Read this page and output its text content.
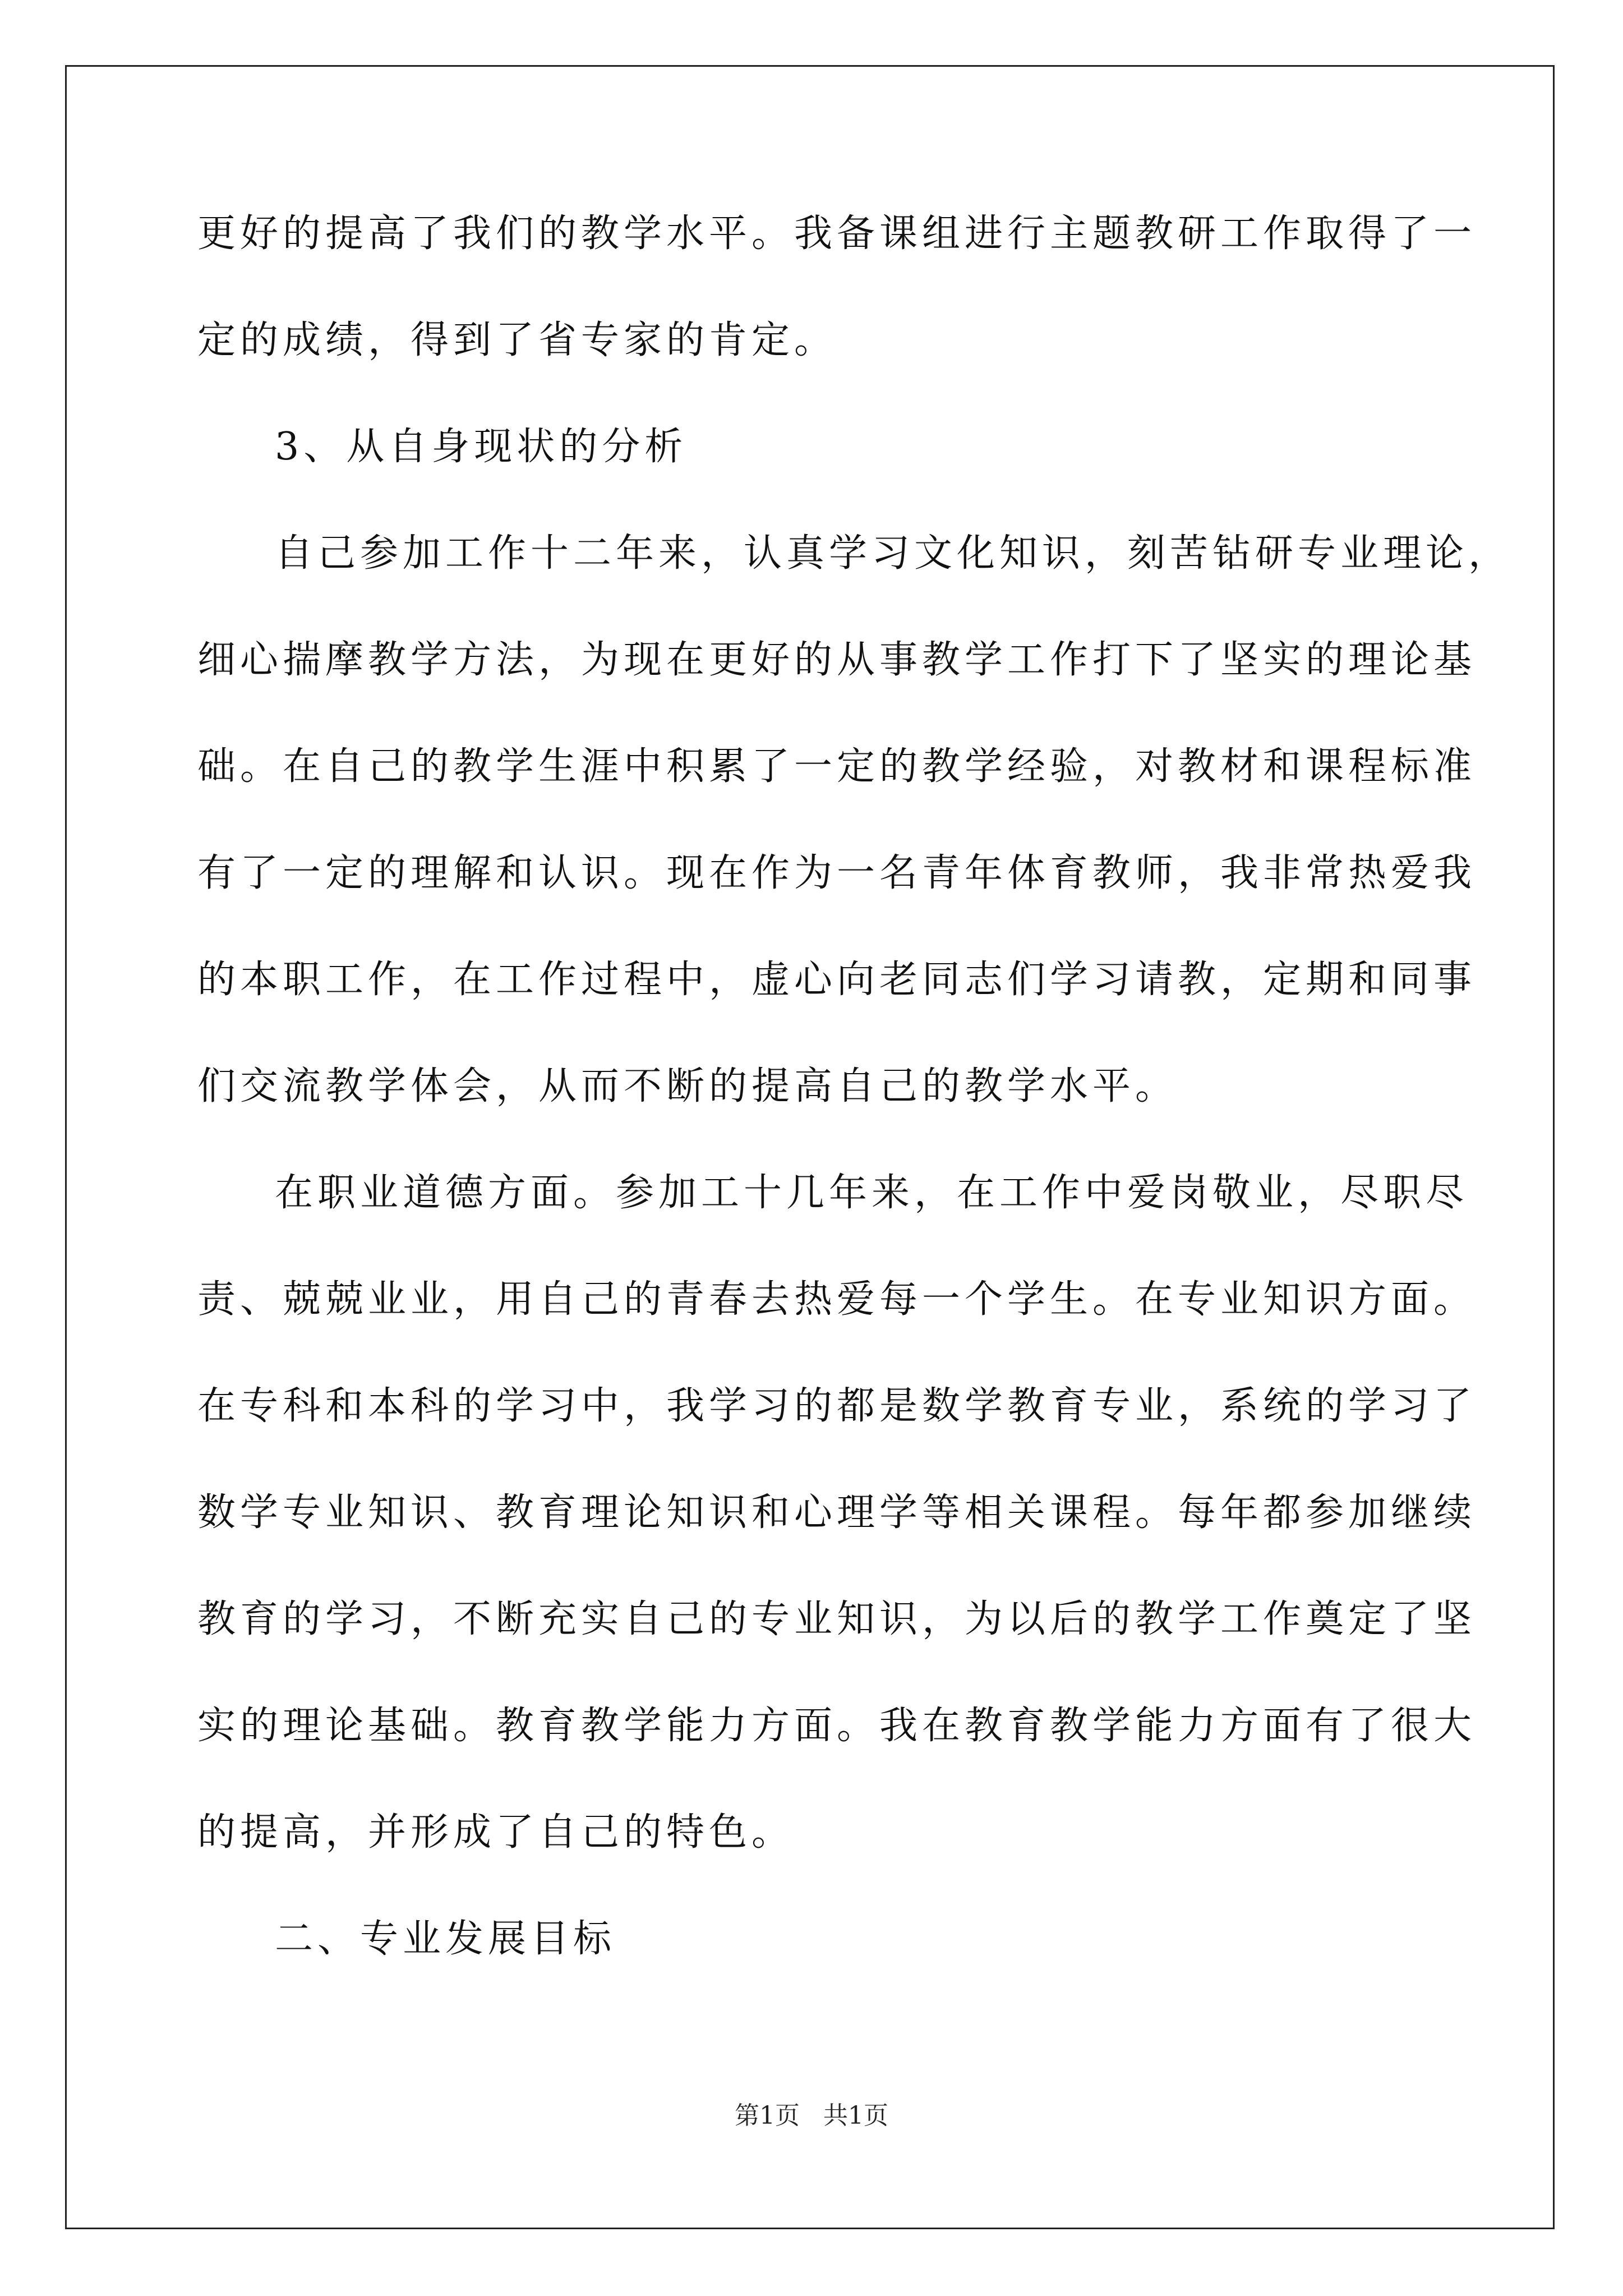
更好的提高了我们的教学水平。我备课组进行主题教研工作取得了一
定的成绩，得到了省专家的肯定。
3、从自身现状的分析
自己参加工作十二年来，认真学习文化知识，刻苦钻研专业理论，
细心揣摩教学方法，为现在更好的从事教学工作打下了坚实的理论基
础。在自己的教学生涯中积累了一定的教学经验，对教材和课程标准
有了一定的理解和认识。现在作为一名青年体育教师，我非常热爱我
的本职工作，在工作过程中，虚心向老同志们学习请教，定期和同事
们交流教学体会，从而不断的提高自己的教学水平。
在职业道德方面。参加工十几年来，在工作中爱岗敬业，尽职尽
责、兢兢业业，用自己的青春去热爱每一个学生。在专业知识方面。
在专科和本科的学习中，我学习的都是数学教育专业，系统的学习了
数学专业知识、教育理论知识和心理学等相关课程。每年都参加继续
教育的学习，不断充实自己的专业知识，为以后的教学工作奠定了坚
实的理论基础。教育教学能力方面。我在教育教学能力方面有了很大
的提高，并形成了自己的特色。
二、专业发展目标
第1页   共1页
